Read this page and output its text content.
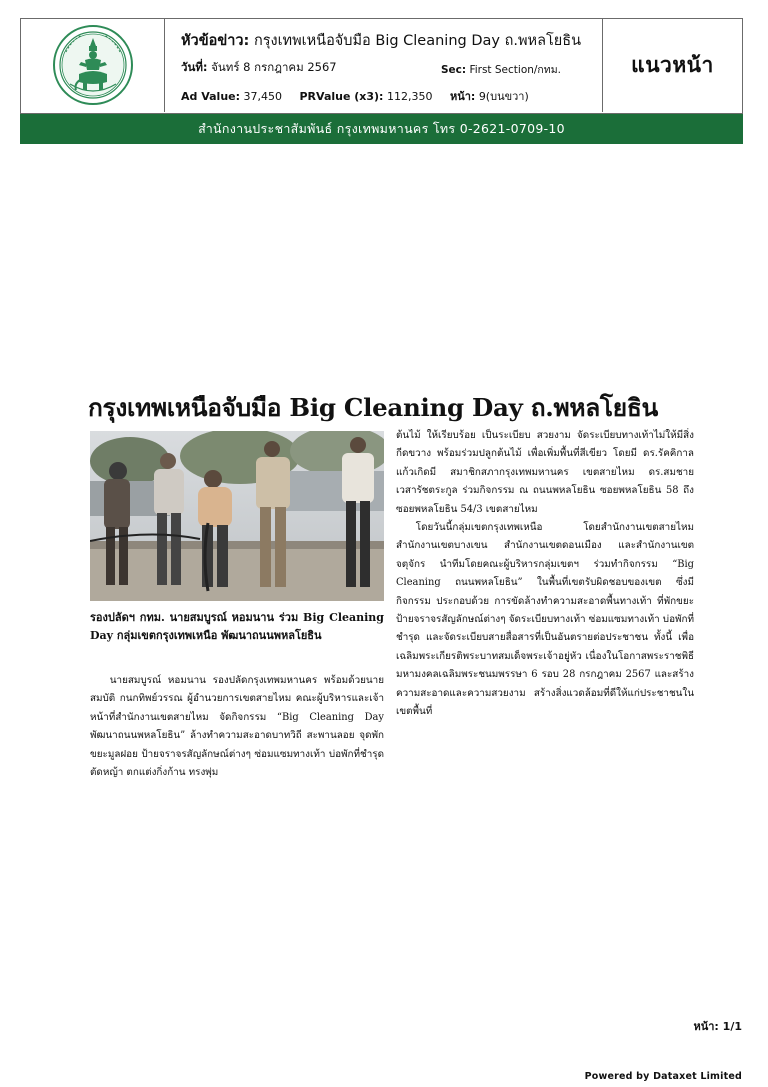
หัวข้อข่าว: กรุงเทพเหนือจับมือ Big Cleaning Day ถ.พหลโยธิน
วันที่: จันทร์ 8 กรกฎาคม 2567	Sec: First Section/กทม.
Ad Value: 37,450 PRValue (x3): 112,350 หน้า: 9(บนขวา)
แนวหน้า
สำนักงานประชาสัมพันธ์ กรุงเทพมหานคร โทร 0-2621-0709-10
กรุงเทพเหนือจับมือ Big Cleaning Day ถ.พหลโยธิน
รองปลัดฯ กทม. นายสมบูรณ์ หอมนาน ร่วม Big Cleaning Day กลุ่มเขตกรุงเทพเหนือ พัฒนาถนนพหลโยธิน

นายสมบูรณ์ หอมนาน รองปลัดกรุงเทพมหานคร พร้อมด้วยนายสมบัติ กนกทิพย์วรรณ ผู้อำนวยการเขตสายไหม คณะผู้บริหารและเจ้าหน้าที่สำนักงานเขตสายไหม จัดกิจกรรม “Big Cleaning Day พัฒนาถนนพหลโยธิน” ล้างทำความสะอาดบาทวิถี สะพานลอย จุดพักขยะมูลฝอย ป้ายจราจรสัญลักษณ์ต่างๆ ซ่อมแซมทางเท้า บ่อพักที่ชำรุด ตัดหญ้า ตกแต่งกิ่งก้าน ทรงพุ่ม

ต้นไม้ ให้เรียบร้อย เป็นระเบียบ สวยงาม จัดระเบียบทางเท้าไม่ให้มีสิ่งกีดขวาง พร้อมร่วมปลูกต้นไม้ เพื่อเพิ่มพื้นที่สีเขียว โดยมี ดร.รัคคิกาล แก้วเกิดมี สมาชิกสภากรุงเทพมหานคร เขตสายไหม ดร.สมชาย เวสารัชตระกูล ร่วมกิจกรรม ณ ถนนพหลโยธิน ซอยพหลโยธิน 58 ถึงซอยพหลโยธิน 54/3 เขตสายไหม

โดยวันนี้กลุ่มเขตกรุงเทพเหนือ โดยสำนักงานเขตสายไหม สำนักงานเขตบางเขน สำนักงานเขตดอนเมือง และสำนักงานเขตจตุจักร นำทีมโดยคณะผู้บริหารกลุ่มเขตฯ ร่วมทำกิจกรรม “Big Cleaning ถนนพหลโยธิน” ในพื้นที่เขตรับผิดชอบของเขต ซึ่งมีกิจกรรม ประกอบด้วย การขัดล้างทำความสะอาดพื้นทางเท้า ที่พักขยะ ป้ายจราจรสัญลักษณ์ต่างๆ จัดระเบียบทางเท้า ซ่อมแซมทางเท้า บ่อพักที่ชำรุด และจัดระเบียบสายสื่อสารที่เป็นอันตรายต่อประชาชน ทั้งนี้ เพื่อเฉลิมพระเกียรติพระบาทสมเด็จพระเจ้าอยู่หัว เนื่องในโอกาสพระราชพิธีมหามงคลเฉลิมพระชนมพรรษา 6 รอบ 28 กรกฎาคม 2567 และสร้างความสะอาดและความสวยงาม สร้างสิ่งแวดล้อมที่ดีให้แก่ประชาชนในเขตพื้นที่

หน้า: 1/1
Powered by Dataxet Limited
